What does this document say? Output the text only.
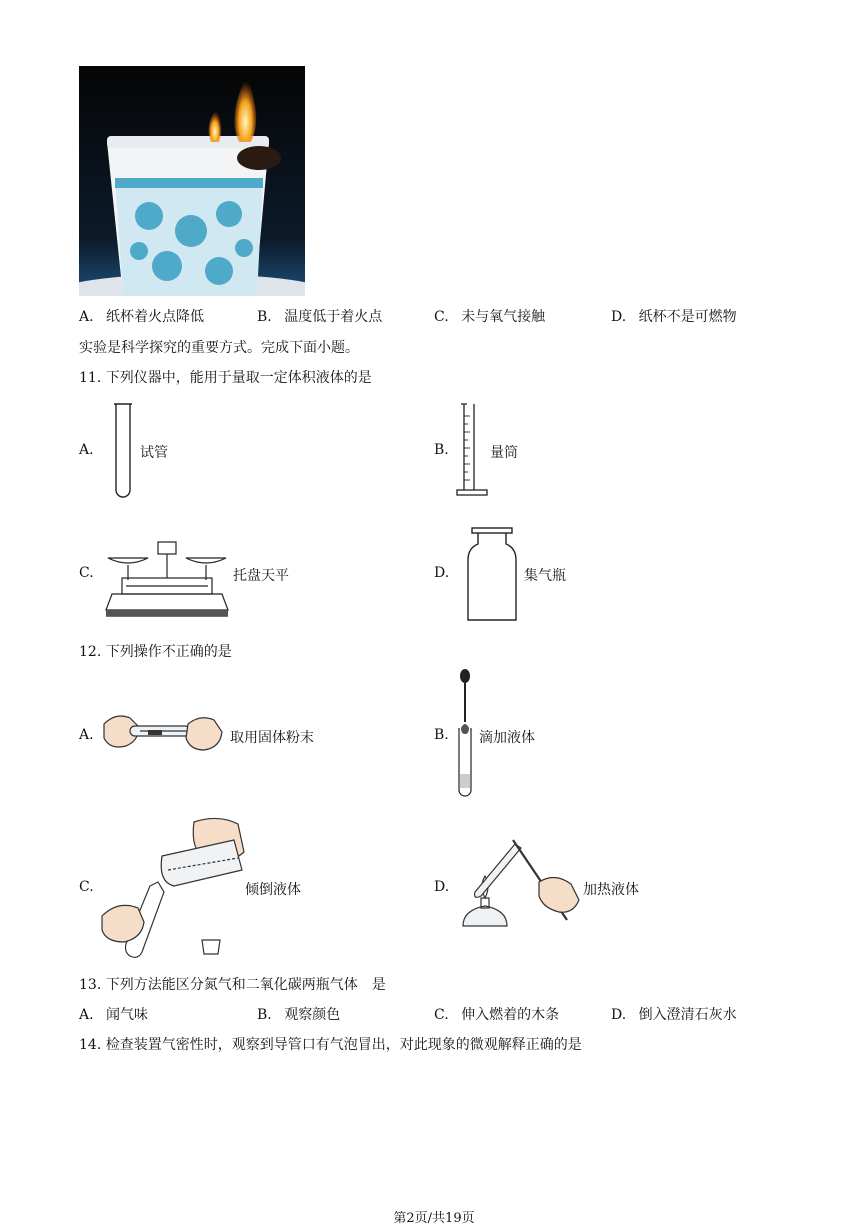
A. 纸杯着火点降低	B. 温度低于着火点	C. 未与氧气接触	D. 纸杯不是可燃物
实验是科学探究的重要方式。完成下面小题。
11. 下列仪器中，能用于量取一定体积液体的是
A.	试管	B.	量筒
C.	托盘天平	D.	集气瓶
12. 下列操作不正确的是
A.	取用固体粉末	B. 滴加液体
C.	倾倒液体	D.	加热液体
13. 下列方法能区分氮气和二氧化碳两瓶气体　是
A. 闻气味	B. 观察颜色	C. 伸入燃着的木条	D. 倒入澄清石灰水
14. 检查装置气密性时，观察到导管口有气泡冒出，对此现象的微观解释正确的是
第2页/共19页
